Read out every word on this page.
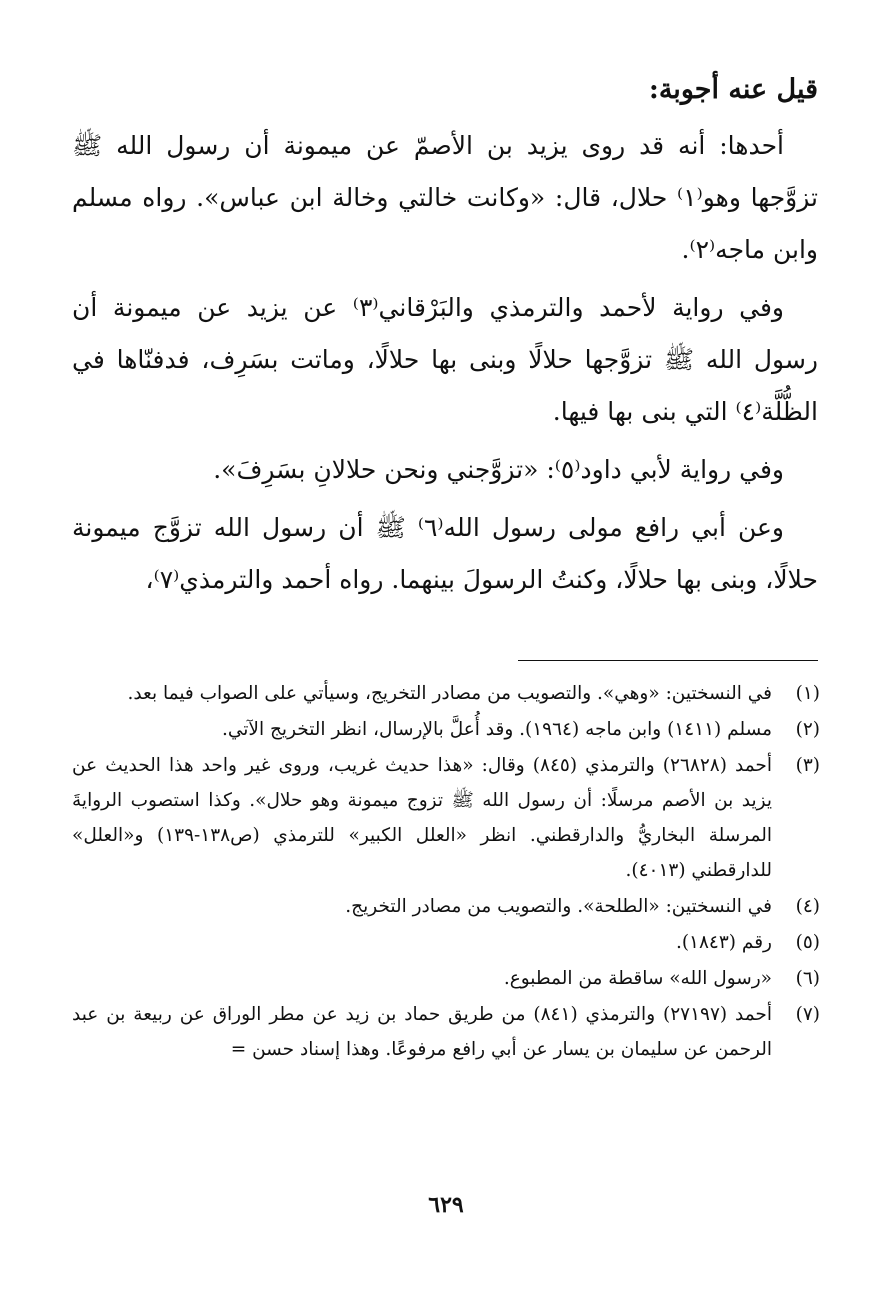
قيل عنه أجوبة:

أحدها: أنه قد روى يزيد بن الأصمّ عن ميمونة أن رسول الله ﷺ تزوَّجها وهو⁽١⁾ حلال، قال: «وكانت خالتي وخالة ابن عباس». رواه مسلم وابن ماجه⁽٢⁾.

وفي رواية لأحمد والترمذي والبَرْقاني⁽٣⁾ عن يزيد عن ميمونة أن رسول الله ﷺ تزوَّجها حلالًا وبنى بها حلالًا، وماتت بسَرِف، فدفنّاها في الظُّلَّة⁽٤⁾ التي بنى بها فيها.

وفي رواية لأبي داود⁽٥⁾: «تزوَّجني ونحن حلالانِ بسَرِفَ».

وعن أبي رافع مولى رسول الله⁽٦⁾ ﷺ أن رسول الله تزوَّج ميمونة حلالًا، وبنى بها حلالًا، وكنتُ الرسولَ بينهما. رواه أحمد والترمذي⁽٧⁾،

(١)
في النسختين: «وهي». والتصويب من مصادر التخريج، وسيأتي على الصواب فيما بعد.
(٢)
مسلم (١٤١١) وابن ماجه (١٩٦٤). وقد أُعلَّ بالإرسال، انظر التخريج الآتي.
(٣)
أحمد (٢٦٨٢٨) والترمذي (٨٤٥) وقال: «هذا حديث غريب، وروى غير واحد هذا الحديث عن يزيد بن الأصم مرسلًا: أن رسول الله ﷺ تزوج ميمونة وهو حلال». وكذا استصوب الروايةَ المرسلة البخاريُّ والدارقطني. انظر «العلل الكبير» للترمذي (ص١٣٨-١٣٩) و«العلل» للدارقطني (٤٠١٣).
(٤)
في النسختين: «الطلحة». والتصويب من مصادر التخريج.
(٥)
رقم (١٨٤٣).
(٦)
«رسول الله» ساقطة من المطبوع.
(٧)
أحمد (٢٧١٩٧) والترمذي (٨٤١) من طريق حماد بن زيد عن مطر الوراق عن ربيعة بن عبد الرحمن عن سليمان بن يسار عن أبي رافع مرفوعًا. وهذا إسناد حسن =
٦٢٩
